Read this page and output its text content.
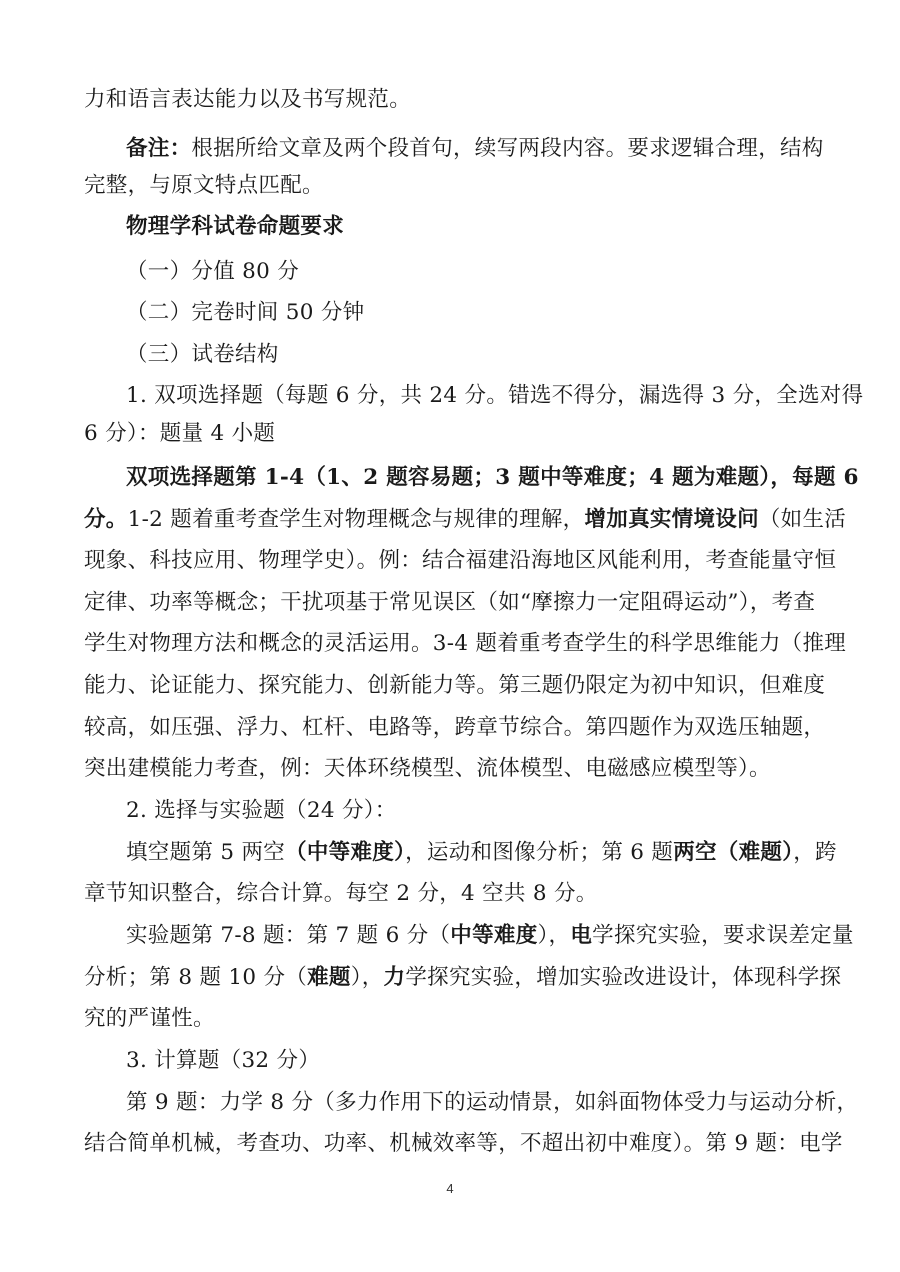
力和语言表达能力以及书写规范。
备注：根据所给文章及两个段首句，续写两段内容。要求逻辑合理，结构
完整，与原文特点匹配。
物理学科试卷命题要求
（一）分值 80 分
（二）完卷时间 50 分钟
（三）试卷结构
1. 双项选择题（每题 6 分，共 24 分。错选不得分，漏选得 3 分，全选对得
6 分）：题量 4 小题
双项选择题第 1-4（1、2 题容易题；3 题中等难度；4 题为难题），每题 6
分。1-2 题着重考查学生对物理概念与规律的理解，增加真实情境设问（如生活
现象、科技应用、物理学史）。例：结合福建沿海地区风能利用，考查能量守恒
定律、功率等概念；干扰项基于常见误区（如“摩擦力一定阻碍运动”），考查
学生对物理方法和概念的灵活运用。3-4 题着重考查学生的科学思维能力（推理
能力、论证能力、探究能力、创新能力等。第三题仍限定为初中知识，但难度
较高，如压强、浮力、杠杆、电路等，跨章节综合。第四题作为双选压轴题，
突出建模能力考查，例：天体环绕模型、流体模型、电磁感应模型等）。
2. 选择与实验题（24 分）：
填空题第 5 两空（中等难度），运动和图像分析；第 6 题两空（难题），跨
章节知识整合，综合计算。每空 2 分，4 空共 8 分。
实验题第 7-8 题：第 7 题 6 分（中等难度），电学探究实验，要求误差定量
分析；第 8 题 10 分（难题），力学探究实验，增加实验改进设计，体现科学探
究的严谨性。
3. 计算题（32 分）
第 9 题：力学 8 分（多力作用下的运动情景，如斜面物体受力与运动分析，
结合简单机械，考查功、功率、机械效率等，不超出初中难度）。第 9 题：电学
4
